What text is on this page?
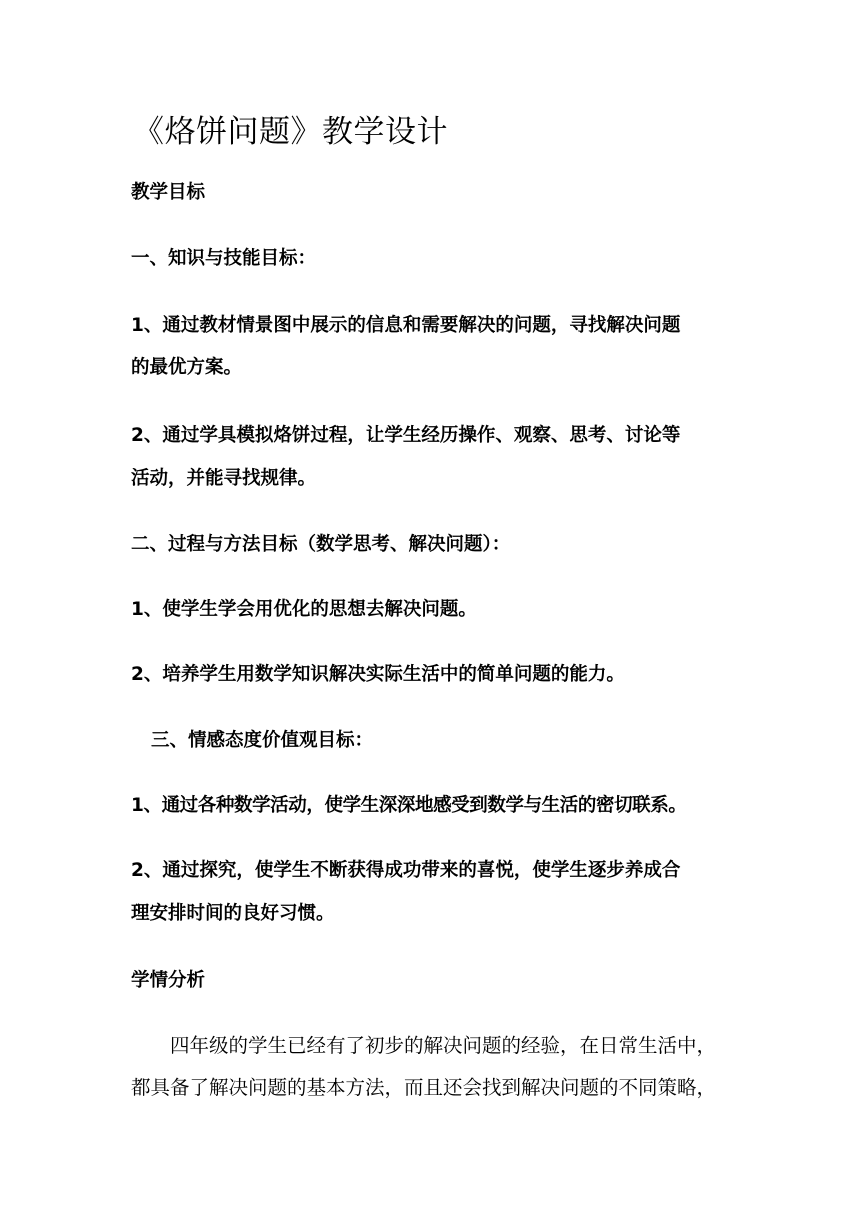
《烙饼问题》教学设计
教学目标
一、知识与技能目标：
1、通过教材情景图中展示的信息和需要解决的问题，寻找解决问题
的最优方案。
2、通过学具模拟烙饼过程，让学生经历操作、观察、思考、讨论等
活动，并能寻找规律。
二、过程与方法目标（数学思考、解决问题）：
1、使学生学会用优化的思想去解决问题。
2、培养学生用数学知识解决实际生活中的简单问题的能力。
三、情感态度价值观目标：
1、通过各种数学活动，使学生深深地感受到数学与生活的密切联系。
2、通过探究，使学生不断获得成功带来的喜悦，使学生逐步养成合
理安排时间的良好习惯。
学情分析
四年级的学生已经有了初步的解决问题的经验，在日常生活中，
都具备了解决问题的基本方法，而且还会找到解决问题的不同策略，
